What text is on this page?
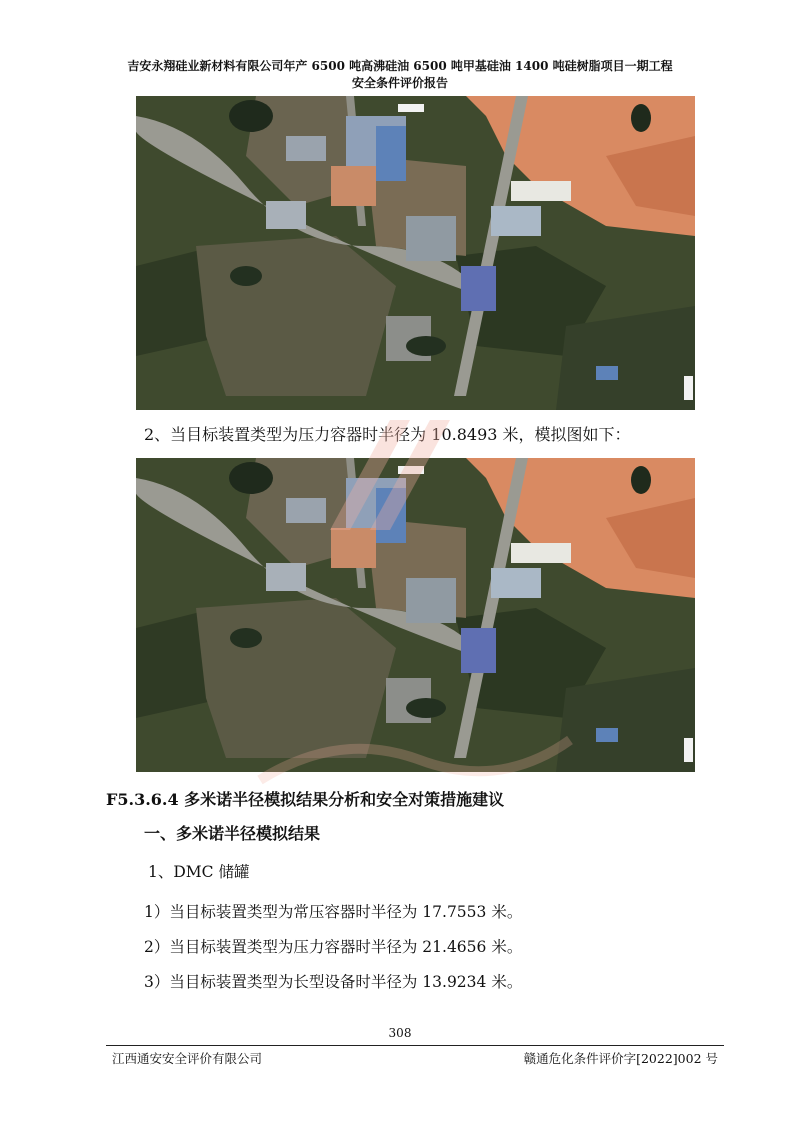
吉安永翔硅业新材料有限公司年产 6500 吨高沸硅油 6500 吨甲基硅油 1400 吨硅树脂项目一期工程
安全条件评价报告
2、当目标装置类型为压力容器时半径为 10.8493 米，模拟图如下：
F5.3.6.4 多米诺半径模拟结果分析和安全对策措施建议
一、多米诺半径模拟结果
1、DMC 储罐
1）当目标装置类型为常压容器时半径为 17.7553 米。
2）当目标装置类型为压力容器时半径为 21.4656 米。
3）当目标装置类型为长型设备时半径为 13.9234 米。
308
江西通安安全评价有限公司	赣通危化条件评价字[2022]002 号
